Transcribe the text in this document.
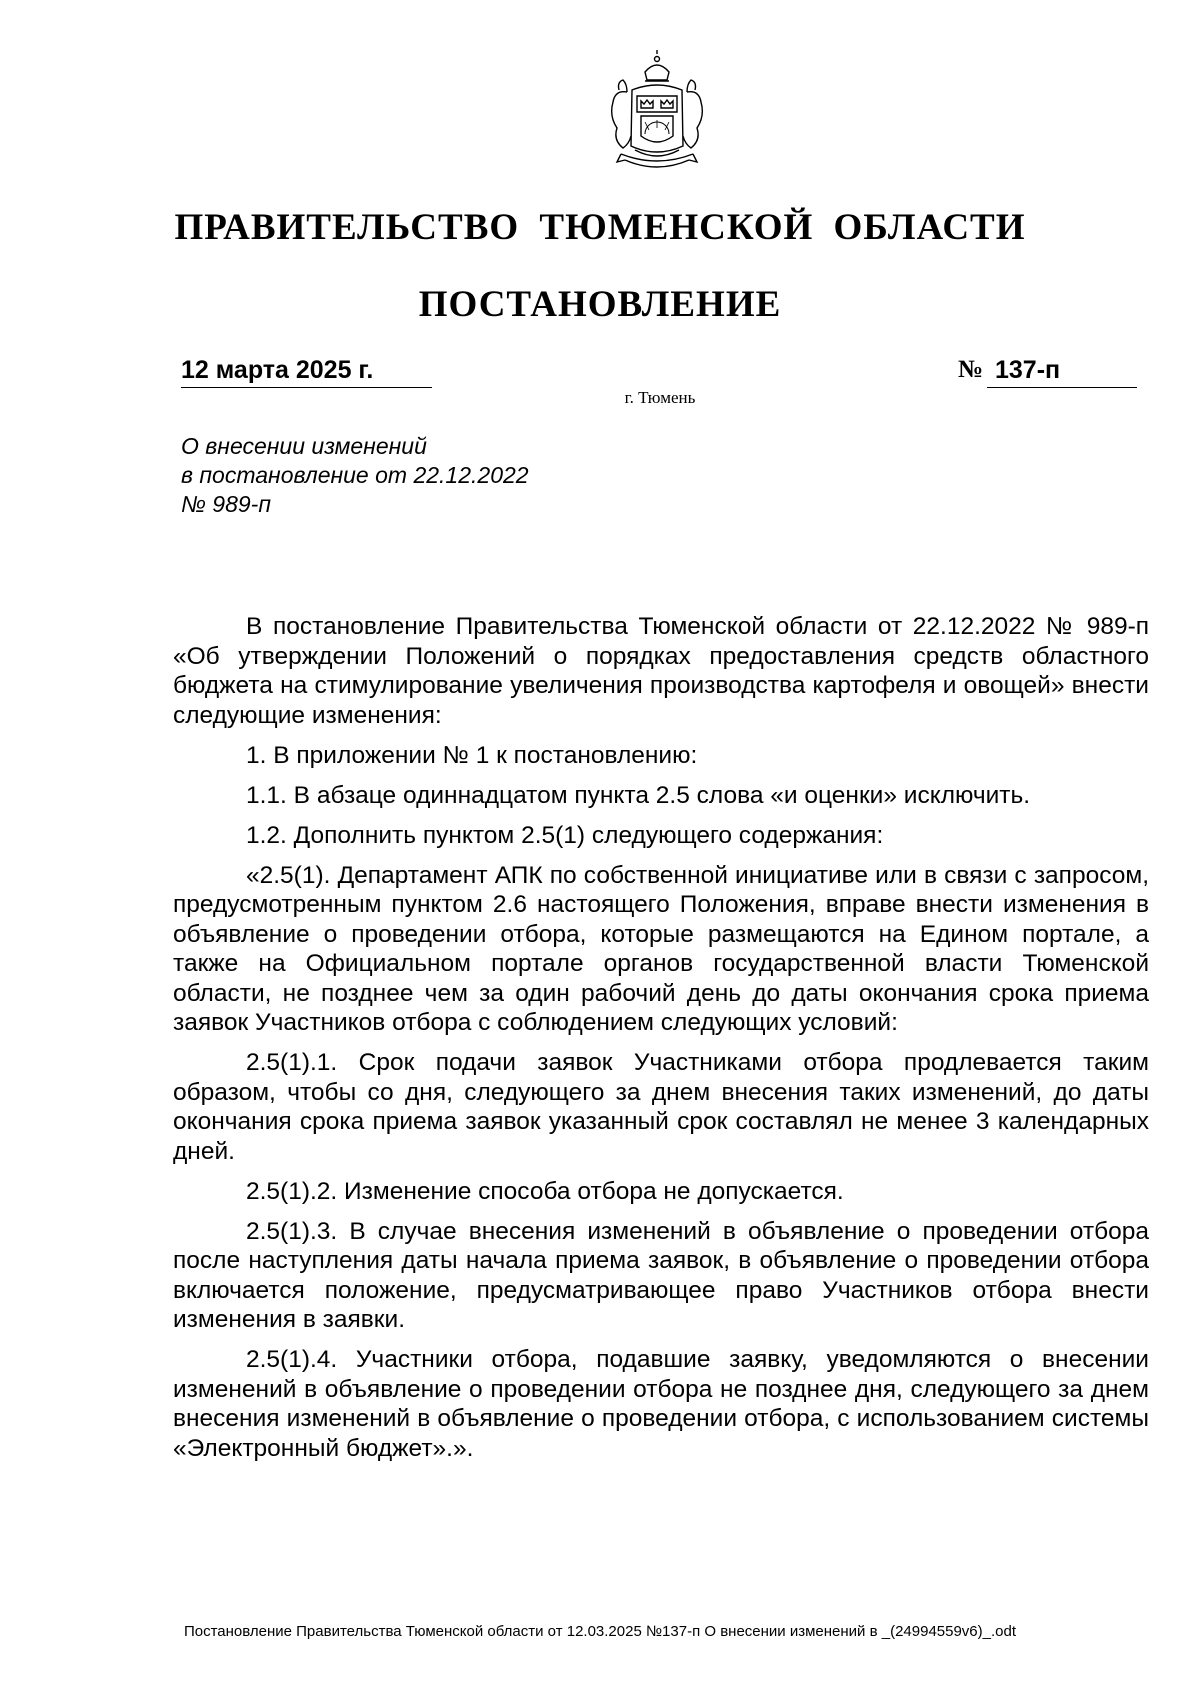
ПРАВИТЕЛЬСТВО ТЮМЕНСКОЙ ОБЛАСТИ
ПОСТАНОВЛЕНИЕ
12 марта 2025 г.	№ 137-п
г. Тюмень
О внесении изменений
в постановление от 22.12.2022
№ 989-п

В постановление Правительства Тюменской области от 22.12.2022 № 989-п «Об утверждении Положений о порядках предоставления средств областного бюджета на стимулирование увеличения производства картофеля и овощей» внести следующие изменения:

1. В приложении № 1 к постановлению:

1.1. В абзаце одиннадцатом пункта 2.5 слова «и оценки» исключить.

1.2. Дополнить пунктом 2.5(1) следующего содержания:

«2.5(1). Департамент АПК по собственной инициативе или в связи с запросом, предусмотренным пунктом 2.6 настоящего Положения, вправе внести изменения в объявление о проведении отбора, которые размещаются на Едином портале, а также на Официальном портале органов государственной власти Тюменской области, не позднее чем за один рабочий день до даты окончания срока приема заявок Участников отбора с соблюдением следующих условий:

2.5(1).1. Срок подачи заявок Участниками отбора продлевается таким образом, чтобы со дня, следующего за днем внесения таких изменений, до даты окончания срока приема заявок указанный срок составлял не менее 3 календарных дней.

2.5(1).2. Изменение способа отбора не допускается.

2.5(1).3. В случае внесения изменений в объявление о проведении отбора после наступления даты начала приема заявок, в объявление о проведении отбора включается положение, предусматривающее право Участников отбора внести изменения в заявки.

2.5(1).4. Участники отбора, подавшие заявку, уведомляются о внесении изменений в объявление о проведении отбора не позднее дня, следующего за днем внесения изменений в объявление о проведении отбора, с использованием системы «Электронный бюджет».».

Постановление Правительства Тюменской области от 12.03.2025 №137-п О внесении изменений в _(24994559v6)_.odt
